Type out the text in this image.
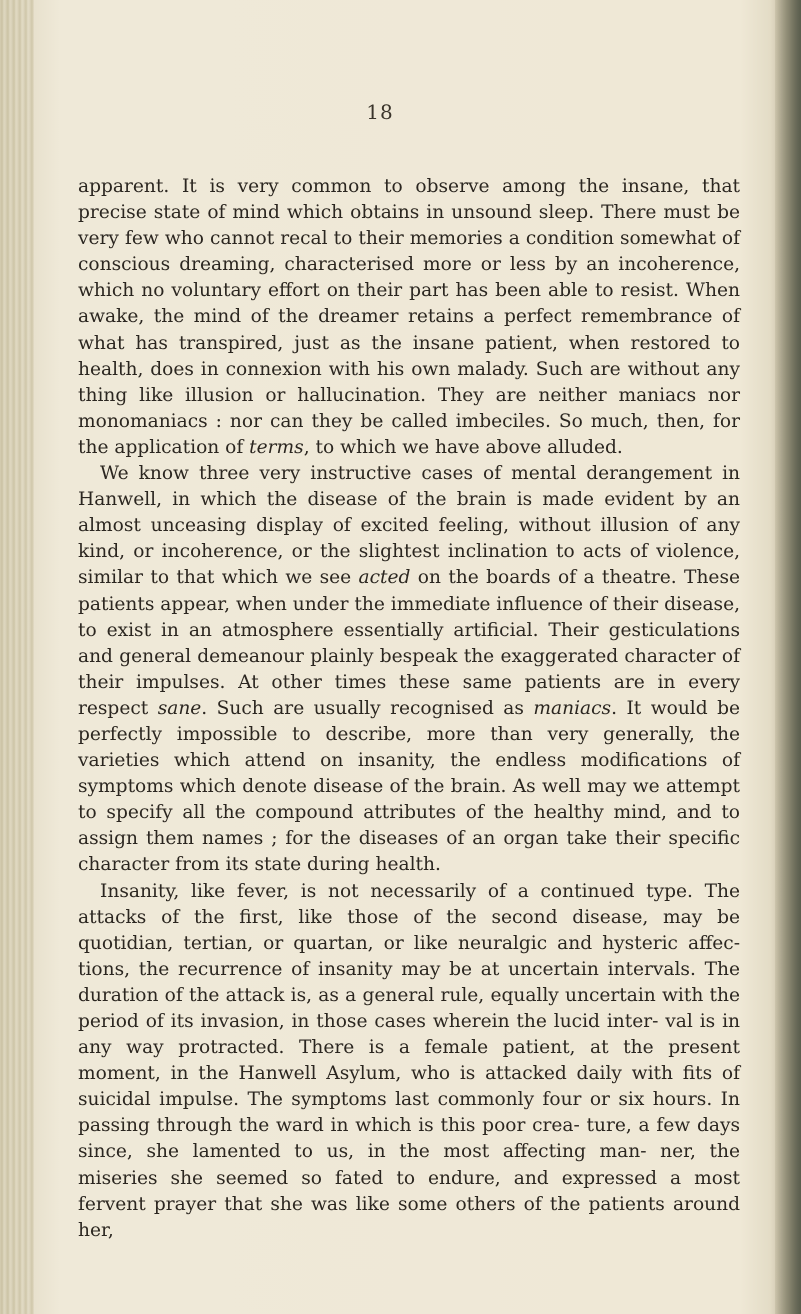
18

apparent. It is very common to observe among the insane, that precise state of mind which obtains in unsound sleep. There must be very few who cannot recal to their memories a condition somewhat of conscious dreaming, characterised more or less by an incoherence, which no voluntary effort on their part has been able to resist. When awake, the mind of the dreamer retains a perfect remembrance of what has transpired, just as the insane patient, when restored to health, does in connexion with his own malady. Such are without any thing like illusion or hallucination. They are neither maniacs nor monomaniacs : nor can they be called imbeciles. So much, then, for the application of terms, to which we have above alluded.

We know three very instructive cases of mental derangement in Hanwell, in which the disease of the brain is made evident by an almost unceasing display of excited feeling, without illusion of any kind, or incoherence, or the slightest inclination to acts of violence, similar to that which we see acted on the boards of a theatre. These patients appear, when under the immediate influence of their disease, to exist in an atmosphere essentially artificial. Their gesticulations and general demeanour plainly bespeak the exaggerated character of their impulses. At other times these same patients are in every respect sane. Such are usually recognised as maniacs. It would be perfectly impossible to describe, more than very generally, the varieties which attend on insanity, the endless modifications of symptoms which denote disease of the brain. As well may we attempt to specify all the compound attributes of the healthy mind, and to assign them names ; for the diseases of an organ take their specific character from its state during health.

Insanity, like fever, is not necessarily of a continued type. The attacks of the first, like those of the second disease, may be quotidian, tertian, or quartan, or like neuralgic and hysteric affec- tions, the recurrence of insanity may be at uncertain intervals. The duration of the attack is, as a general rule, equally uncertain with the period of its invasion, in those cases wherein the lucid inter- val is in any way protracted. There is a female patient, at the present moment, in the Hanwell Asylum, who is attacked daily with fits of suicidal impulse. The symptoms last commonly four or six hours. In passing through the ward in which is this poor crea- ture, a few days since, she lamented to us, in the most affecting man- ner, the miseries she seemed so fated to endure, and expressed a most fervent prayer that she was like some others of the patients around her,
